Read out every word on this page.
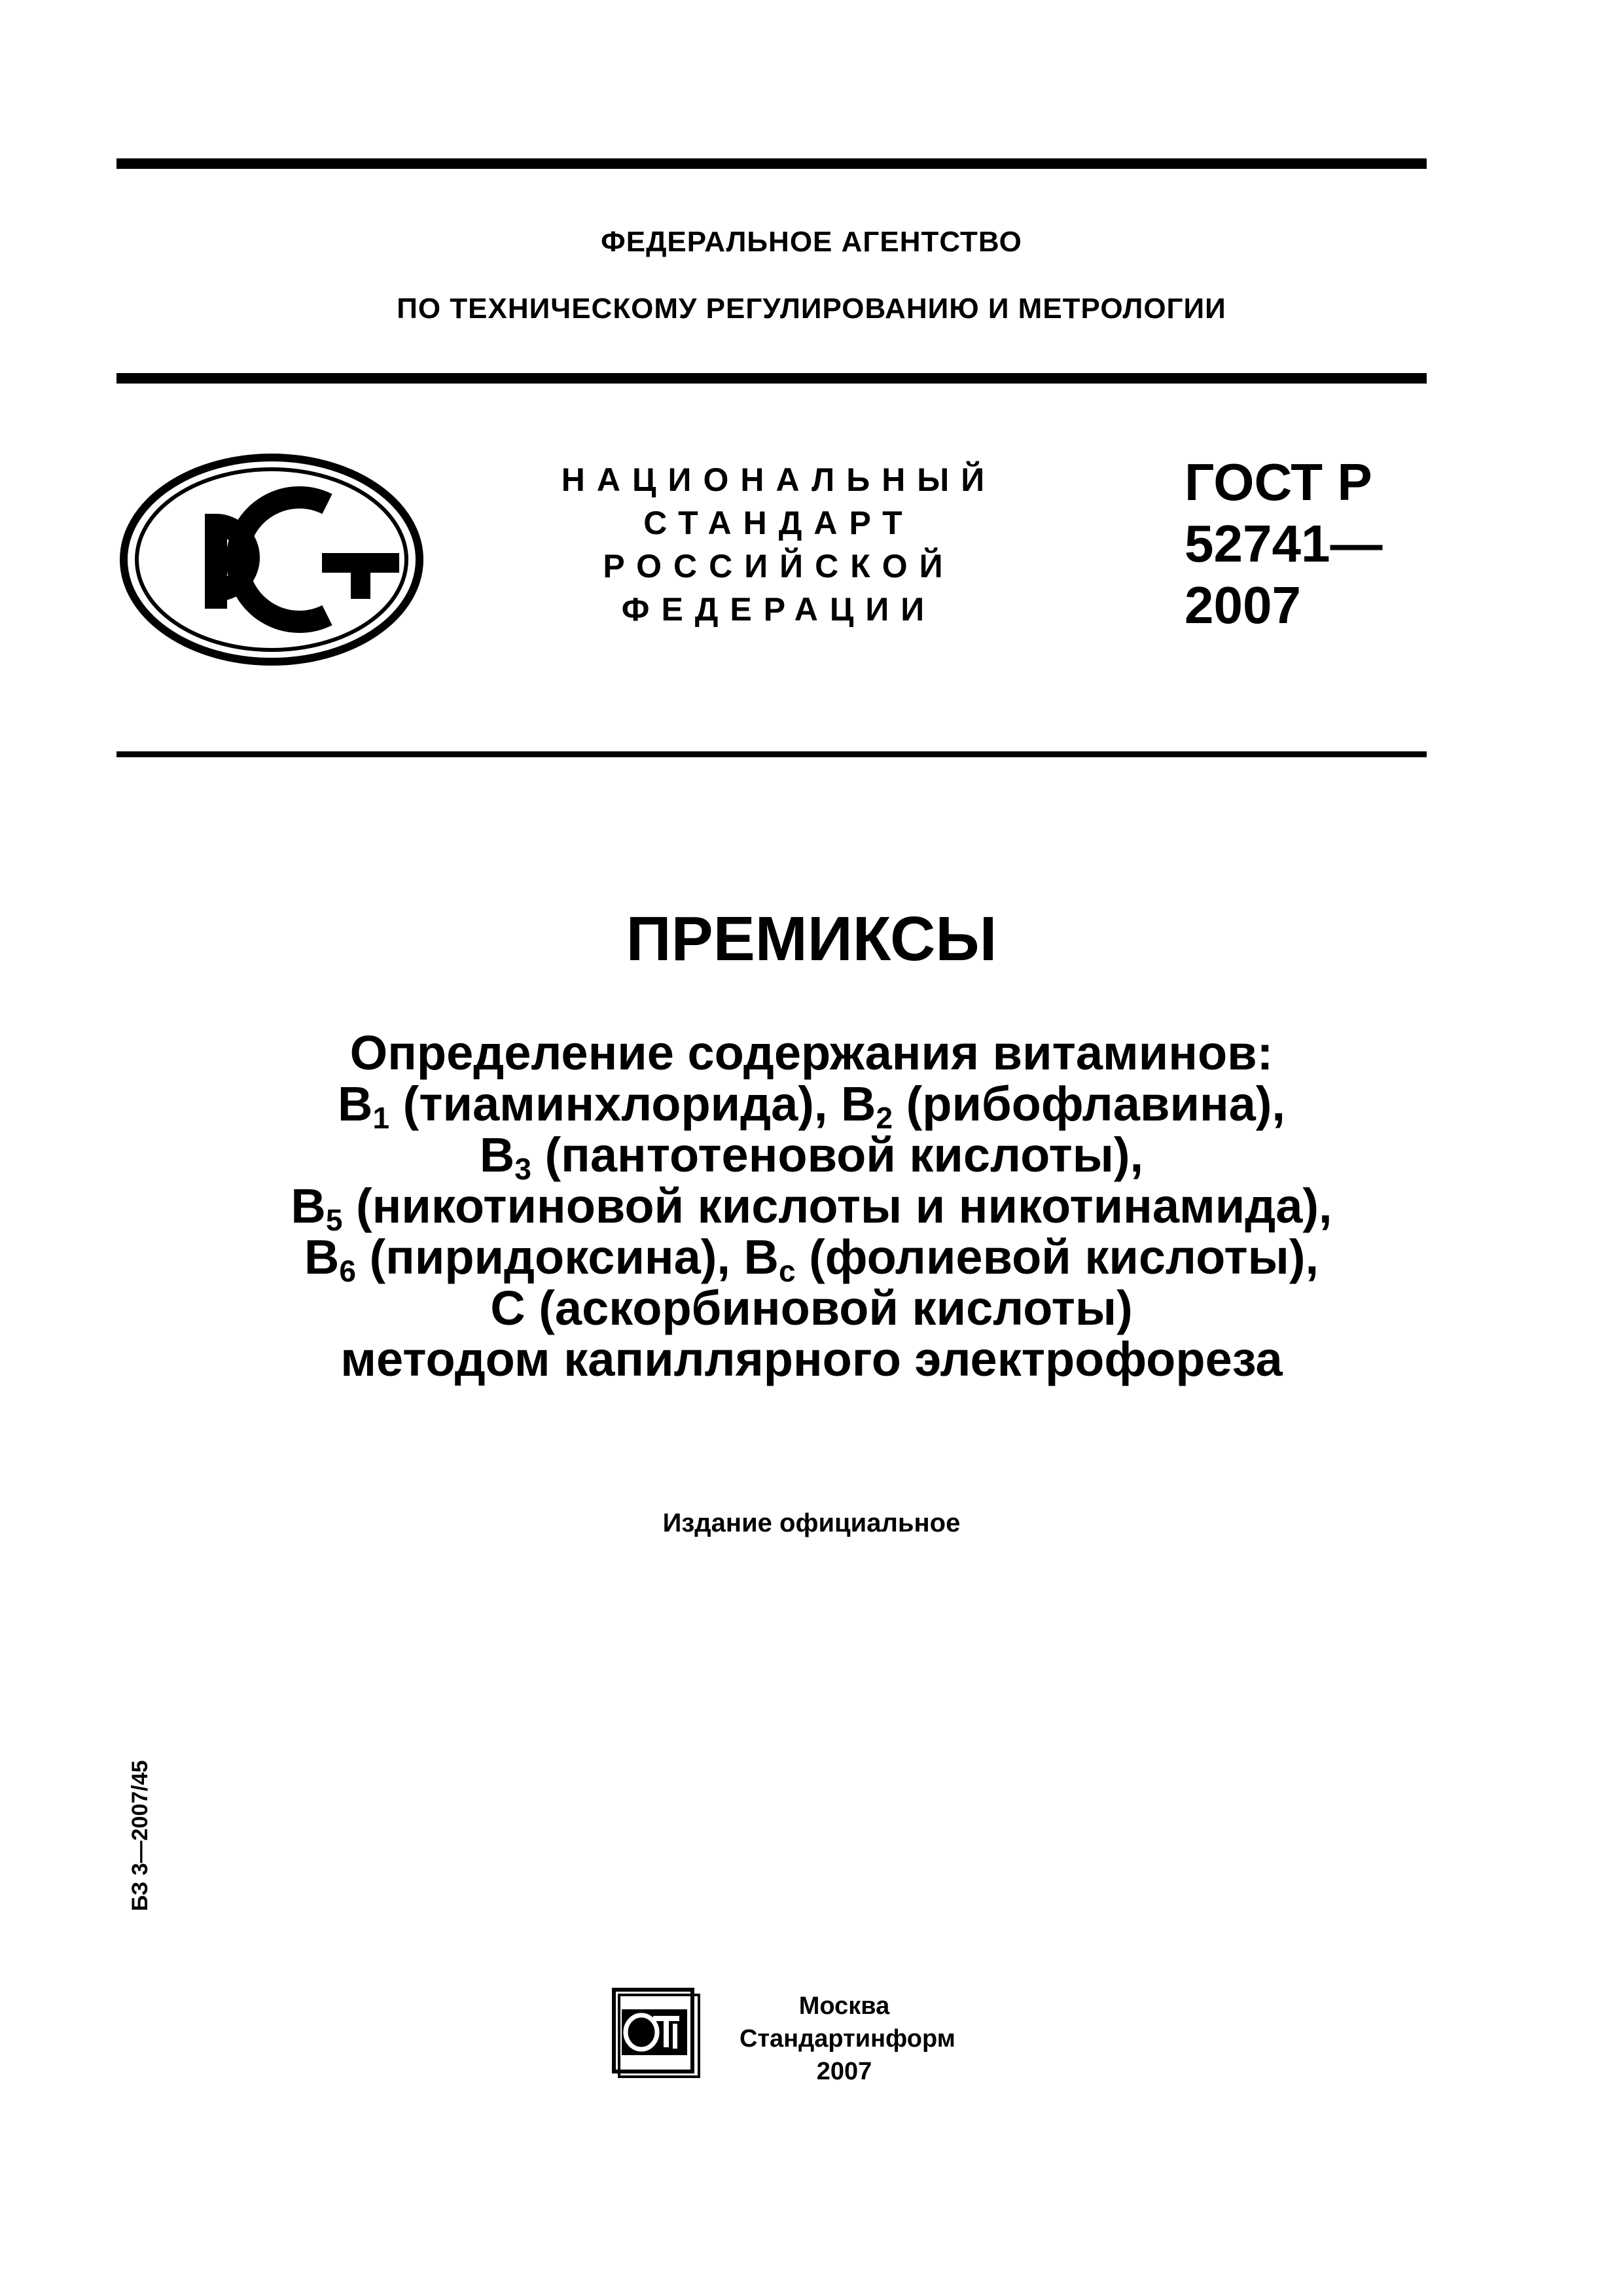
ФЕДЕРАЛЬНОЕ АГЕНТСТВО
ПО ТЕХНИЧЕСКОМУ РЕГУЛИРОВАНИЮ И МЕТРОЛОГИИ
НАЦИОНАЛЬНЫЙ
СТАНДАРТ
РОССИЙСКОЙ
ФЕДЕРАЦИИ
ГОСТ Р
52741—
2007
ПРЕМИКСЫ
Определение содержания витаминов:
$В_1$ (тиаминхлорида), $В_2$ (рибофлавина),
$В_3$ (пантотеновой кислоты),
$В_5$ (никотиновой кислоты и никотинамида),
$В_6$ (пиридоксина), $В_с$ (фолиевой кислоты),
С (аскорбиновой кислоты)
методом капиллярного электрофореза
Издание официальное
БЗ 3—2007/45
Москва
Стандартинформ
2007
